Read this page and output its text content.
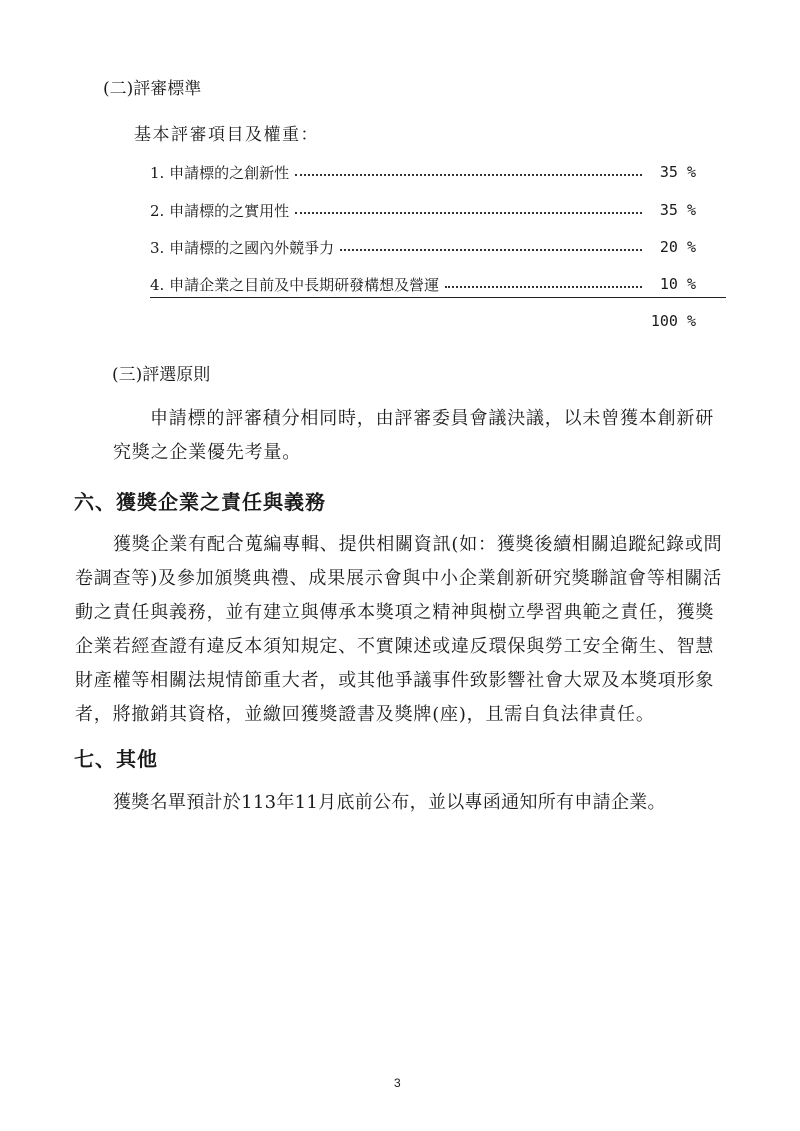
(二)評審標準
基本評審項目及權重：
1. 申請標的之創新性	35 %
2. 申請標的之實用性	35 %
3. 申請標的之國內外競爭力	20 %
4. 申請企業之目前及中長期研發構想及營運	10 %
100 %
(三)評選原則
申請標的評審積分相同時，由評審委員會議決議，以未曾獲本創新研
究獎之企業優先考量。
六、獲獎企業之責任與義務
獲獎企業有配合蒐編專輯、提供相關資訊(如：獲獎後續相關追蹤紀錄或問
卷調查等)及參加頒獎典禮、成果展示會與中小企業創新研究獎聯誼會等相關活
動之責任與義務，並有建立與傳承本獎項之精神與樹立學習典範之責任，獲獎
企業若經查證有違反本須知規定、不實陳述或違反環保與勞工安全衛生、智慧
財產權等相關法規情節重大者，或其他爭議事件致影響社會大眾及本獎項形象
者，將撤銷其資格，並繳回獲獎證書及獎牌(座)，且需自負法律責任。
七、其他
獲獎名單預計於113年11月底前公布，並以專函通知所有申請企業。
3
